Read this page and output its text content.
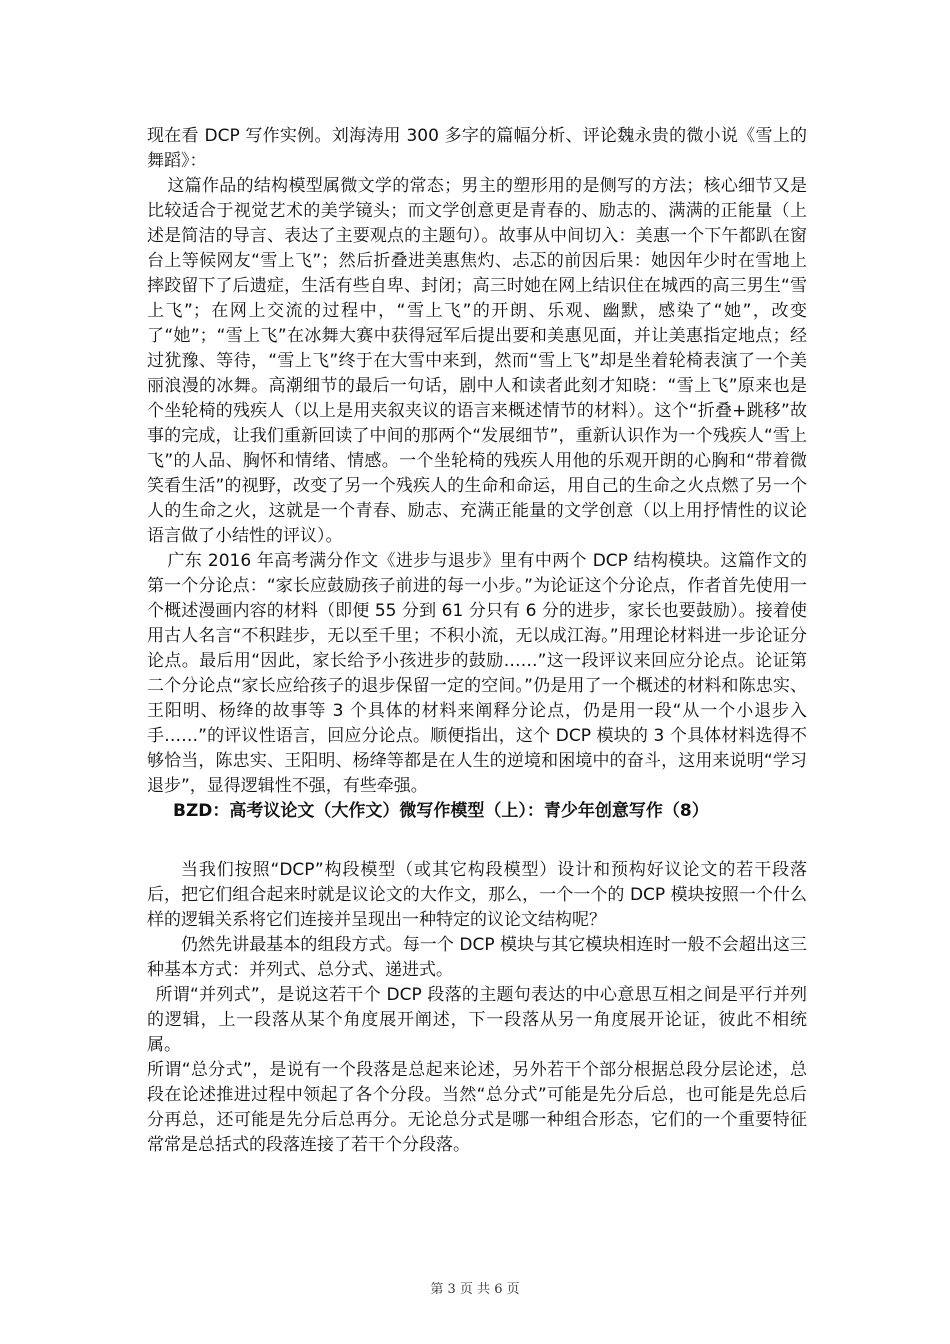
现在看 DCP 写作实例。刘海涛用 300 多字的篇幅分析、评论魏永贵的微小说《雪上的舞蹈》：

这篇作品的结构模型属微文学的常态；男主的塑形用的是侧写的方法；核心细节又是比较适合于视觉艺术的美学镜头；而文学创意更是青春的、励志的、满满的正能量（上述是简洁的导言、表达了主要观点的主题句）。故事从中间切入：美惠一个下午都趴在窗台上等候网友“雪上飞”；然后折叠进美惠焦灼、忐忑的前因后果：她因年少时在雪地上摔跤留下了后遗症，生活有些自卑、封闭；高三时她在网上结识住在城西的高三男生“雪上飞”；在网上交流的过程中，“雪上飞”的开朗、乐观、幽默，感染了“她”，改变了“她”；“雪上飞”在冰舞大赛中获得冠军后提出要和美惠见面，并让美惠指定地点；经过犹豫、等待，“雪上飞”终于在大雪中来到，然而“雪上飞”却是坐着轮椅表演了一个美丽浪漫的冰舞。高潮细节的最后一句话，剧中人和读者此刻才知晓：“雪上飞”原来也是个坐轮椅的残疾人（以上是用夹叙夹议的语言来概述情节的材料）。这个“折叠+跳移”故事的完成，让我们重新回读了中间的那两个“发展细节”，重新认识作为一个残疾人“雪上飞”的人品、胸怀和情绪、情感。一个坐轮椅的残疾人用他的乐观开朗的心胸和“带着微笑看生活”的视野，改变了另一个残疾人的生命和命运，用自己的生命之火点燃了另一个人的生命之火，这就是一个青春、励志、充满正能量的文学创意（以上用抒情性的议论语言做了小结性的评议）。

广东 2016 年高考满分作文《进步与退步》里有中两个 DCP 结构模块。这篇作文的第一个分论点：“家长应鼓励孩子前进的每一小步。”为论证这个分论点，作者首先使用一个概述漫画内容的材料（即便 55 分到 61 分只有 6 分的进步，家长也要鼓励）。接着使用古人名言“不积跬步，无以至千里；不积小流，无以成江海。”用理论材料进一步论证分论点。最后用“因此，家长给予小孩进步的鼓励……”这一段评议来回应分论点。论证第二个分论点“家长应给孩子的退步保留一定的空间。”仍是用了一个概述的材料和陈忠实、王阳明、杨绛的故事等 3 个具体的材料来阐释分论点，仍是用一段“从一个小退步入手……”的评议性语言，回应分论点。顺便指出，这个 DCP 模块的 3 个具体材料选得不够恰当，陈忠实、王阳明、杨绛等都是在人生的逆境和困境中的奋斗，这用来说明“学习退步”，显得逻辑性不强，有些牵强。

BZD：高考议论文（大作文）微写作模型（上）：青少年创意写作（8）

当我们按照“DCP”构段模型（或其它构段模型）设计和预构好议论文的若干段落后，把它们组合起来时就是议论文的大作文，那么，一个一个的 DCP 模块按照一个什么样的逻辑关系将它们连接并呈现出一种特定的议论文结构呢？

仍然先讲最基本的组段方式。每一个 DCP 模块与其它模块相连时一般不会超出这三种基本方式：并列式、总分式、递进式。

所谓“并列式”，是说这若干个 DCP 段落的主题句表达的中心意思互相之间是平行并列的逻辑，上一段落从某个角度展开阐述，下一段落从另一角度展开论证，彼此不相统属。

所谓“总分式”，是说有一个段落是总起来论述，另外若干个部分根据总段分层论述，总段在论述推进过程中领起了各个分段。当然“总分式”可能是先分后总，也可能是先总后分再总，还可能是先分后总再分。无论总分式是哪一种组合形态，它们的一个重要特征常常是总括式的段落连接了若干个分段落。

第 3 页 共 6 页
